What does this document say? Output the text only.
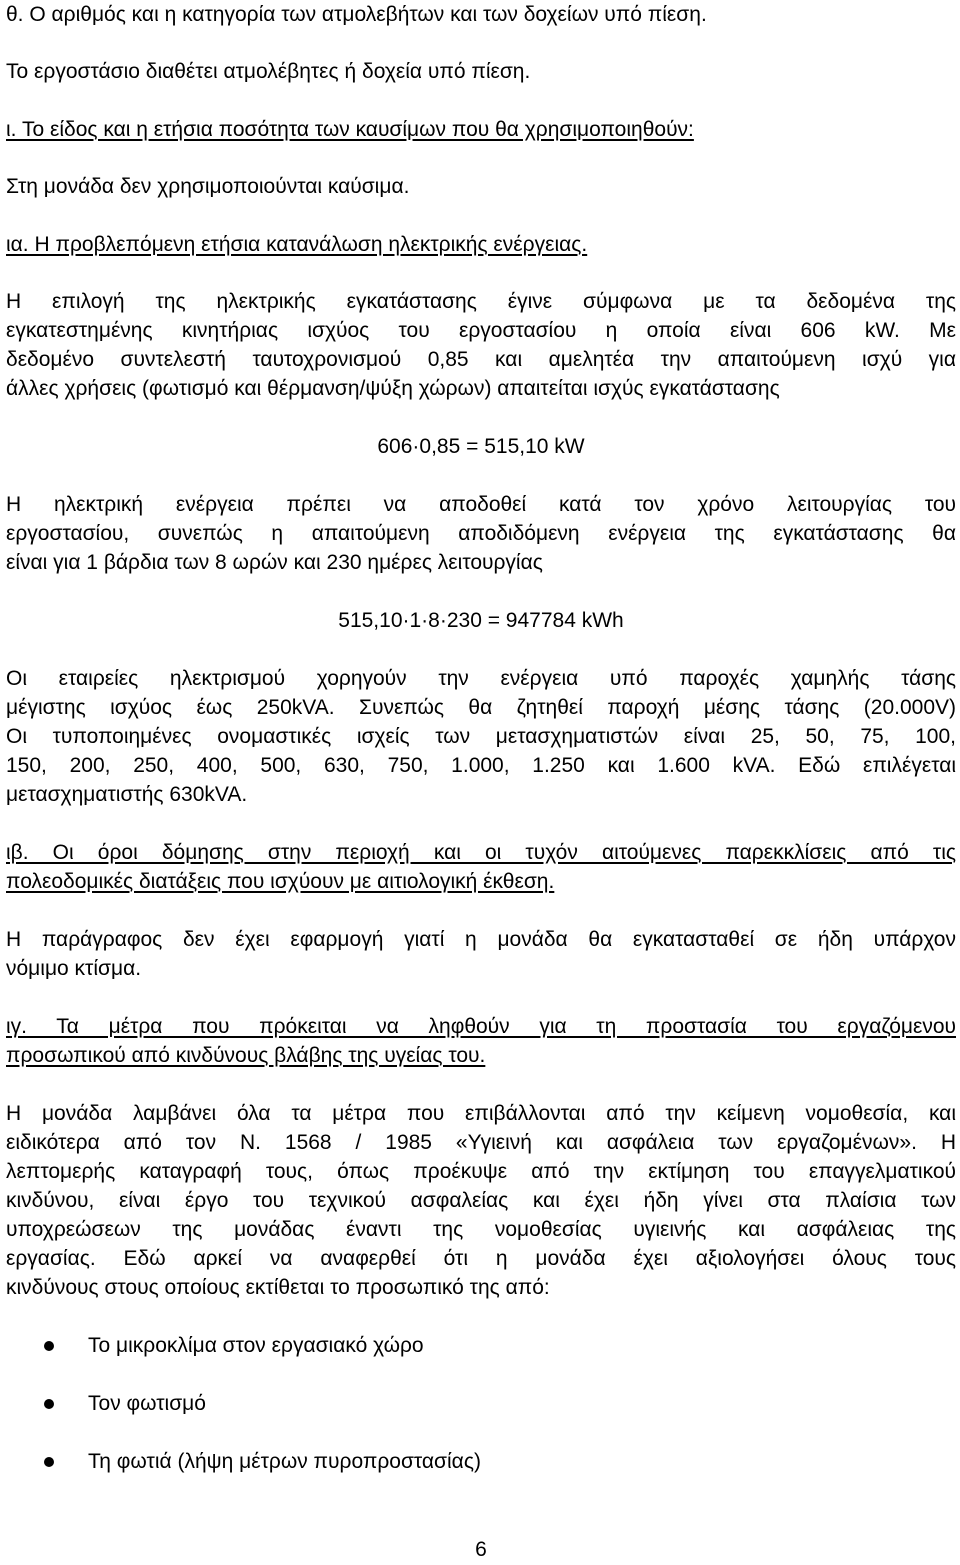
θ. Ο αριθμός και η κατηγορία των ατμολεβήτων και των δοχείων υπό πίεση.
Το εργοστάσιο διαθέτει ατμολέβητες ή δοχεία υπό πίεση.
ι. Το είδος και η ετήσια ποσότητα των καυσίμων που θα χρησιμοποιηθούν:
Στη μονάδα δεν χρησιμοποιούνται καύσιμα.
ια. Η προβλεπόμενη ετήσια κατανάλωση ηλεκτρικής ενέργειας.
Η επιλογή της ηλεκτρικής εγκατάστασης έγινε σύμφωνα με τα δεδομένα της
εγκατεστημένης κινητήριας ισχύος του εργοστασίου η οποία είναι 606 kW. Με
δεδομένο συντελεστή ταυτοχρονισμού 0,85 και αμελητέα την απαιτούμενη ισχύ για
άλλες χρήσεις (φωτισμό και θέρμανση/ψύξη χώρων) απαιτείται ισχύς εγκατάστασης
606·0,85 = 515,10 kW
Η ηλεκτρική ενέργεια πρέπει να αποδοθεί κατά τον χρόνο λειτουργίας του
εργοστασίου, συνεπώς η απαιτούμενη αποδιδόμενη ενέργεια της εγκατάστασης θα
είναι για 1 βάρδια των 8 ωρών και 230 ημέρες λειτουργίας
515,10·1·8·230 = 947784 kWh
Οι εταιρείες ηλεκτρισμού χορηγούν την ενέργεια υπό παροχές χαμηλής τάσης
μέγιστης ισχύος έως 250kVA. Συνεπώς θα ζητηθεί παροχή μέσης τάσης (20.000V)
Οι τυποποιημένες ονομαστικές ισχείς των μετασχηματιστών είναι 25, 50, 75, 100,
150, 200, 250, 400, 500, 630, 750, 1.000, 1.250 και 1.600 kVA. Εδώ επιλέγεται
μετασχηματιστής 630kVA.
ιβ. Οι όροι δόμησης στην περιοχή και οι τυχόν αιτούμενες παρεκκλίσεις από τις
πολεοδομικές διατάξεις που ισχύουν με αιτιολογική έκθεση.
Η παράγραφος δεν έχει εφαρμογή γιατί η μονάδα θα εγκατασταθεί σε ήδη υπάρχον
νόμιμο κτίσμα.
ιγ. Τα μέτρα που πρόκειται να ληφθούν για τη προστασία του εργαζόμενου
προσωπικού από κινδύνους βλάβης της υγείας του.
Η μονάδα λαμβάνει όλα τα μέτρα που επιβάλλονται από την κείμενη νομοθεσία, και
ειδικότερα από τον Ν. 1568 / 1985 «Υγιεινή και ασφάλεια των εργαζομένων». Η
λεπτομερής καταγραφή τους, όπως προέκυψε από την εκτίμηση του επαγγελματικού
κινδύνου, είναι έργο του τεχνικού ασφαλείας και έχει ήδη γίνει στα πλαίσια των
υποχρεώσεων της μονάδας έναντι της νομοθεσίας υγιεινής και ασφάλειας της
εργασίας. Εδώ αρκεί να αναφερθεί ότι η μονάδα έχει αξιολογήσει όλους τους
κινδύνους στους οποίους εκτίθεται το προσωπικό της από:
Το μικροκλίμα στον εργασιακό χώρο
Τον φωτισμό
Τη φωτιά (λήψη μέτρων πυροπροστασίας)
6
